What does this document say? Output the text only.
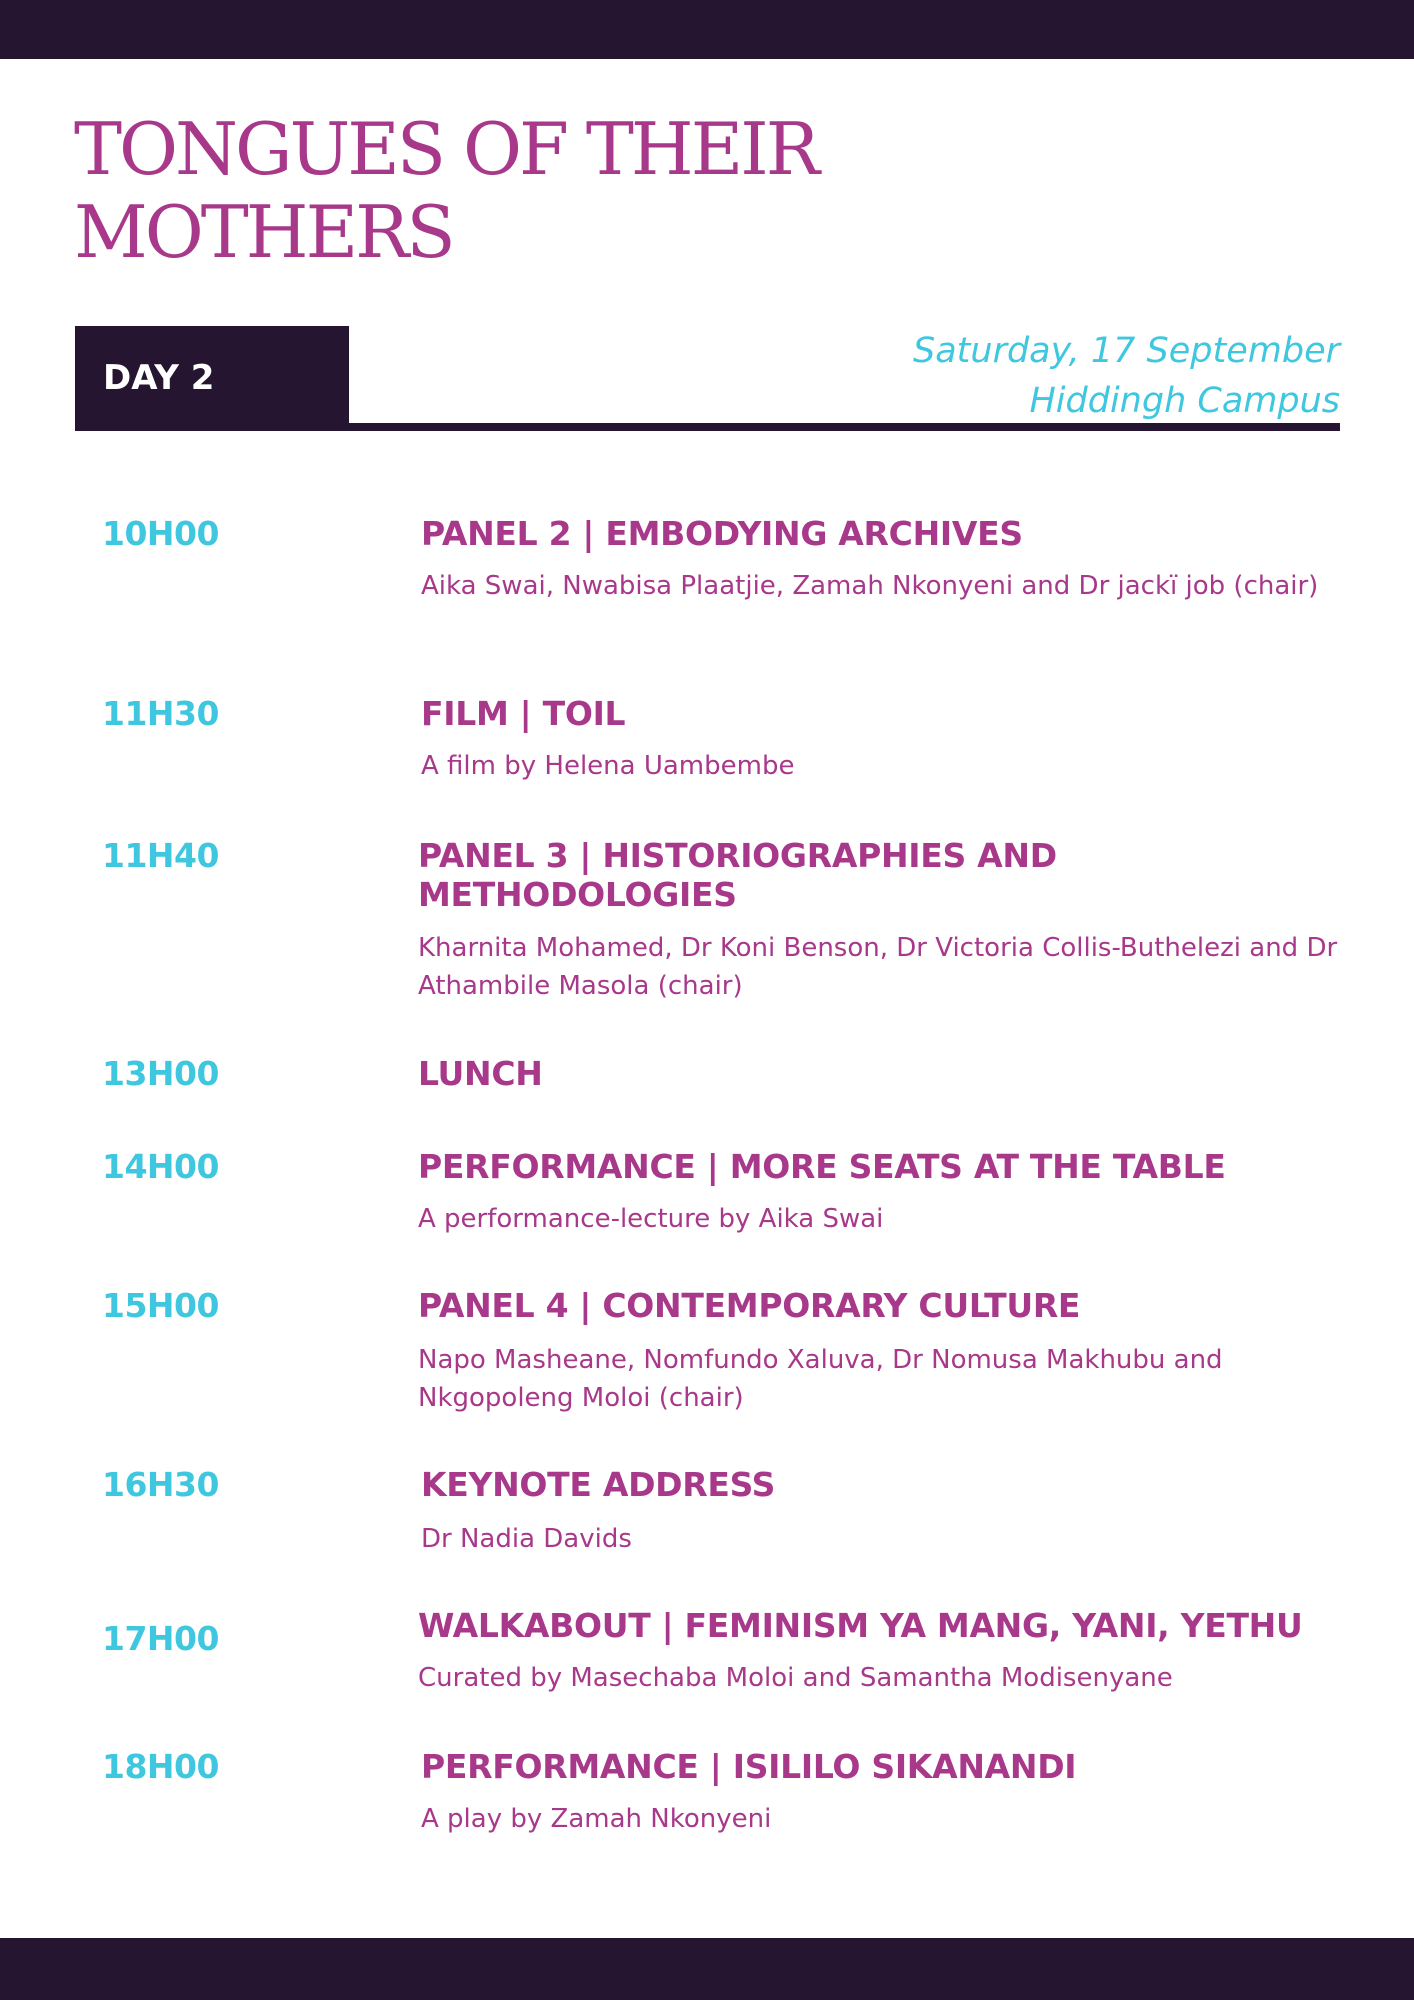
TONGUES OF THEIR
MOTHERS
DAY 2
Saturday, 17 September
Hiddingh Campus
10H00	PANEL 2 | EMBODYING ARCHIVES
Aika Swai, Nwabisa Plaatjie, Zamah Nkonyeni and Dr jackï job (chair)
11H30	FILM | TOIL
A film by Helena Uambembe
11H40	PANEL 3 | HISTORIOGRAPHIES AND METHODOLOGIES
Kharnita Mohamed, Dr Koni Benson, Dr Victoria Collis-Buthelezi and Dr Athambile Masola (chair)
13H00	LUNCH
14H00	PERFORMANCE | MORE SEATS AT THE TABLE
A performance-lecture by Aika Swai
15H00	PANEL 4 | CONTEMPORARY CULTURE
Napo Masheane, Nomfundo Xaluva, Dr Nomusa Makhubu and Nkgopoleng Moloi (chair)
16H30	KEYNOTE ADDRESS
Dr Nadia Davids
17H00	WALKABOUT | FEMINISM YA MANG, YANI, YETHU
Curated by Masechaba Moloi and Samantha Modisenyane
18H00	PERFORMANCE | ISILILO SIKANANDI
A play by Zamah Nkonyeni
